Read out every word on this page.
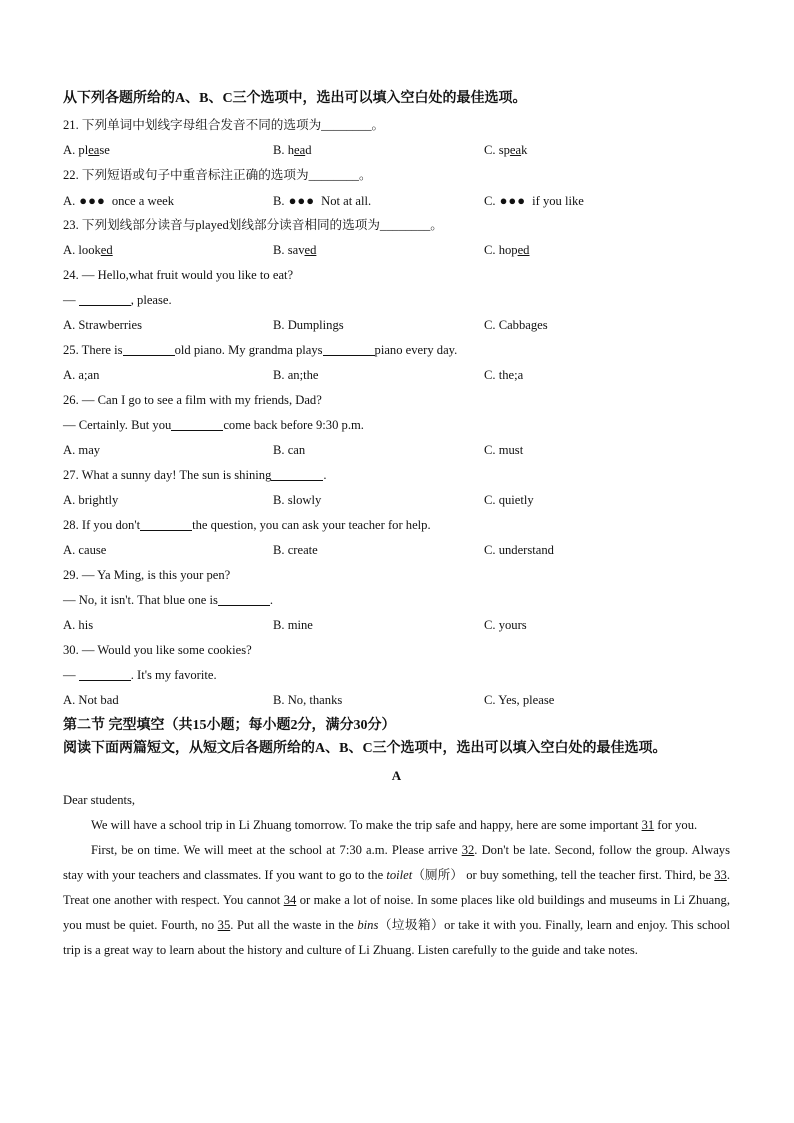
从下列各题所给的A、B、C三个选项中，选出可以填入空白处的最佳选项。
21. 下列单词中划线字母组合发音不同的选项为________。
A. please	B. head	C. speak
22. 下列短语或句子中重音标注正确的选项为________。
A. ●●● once a week	B. ●●● Not at all.	C. ●●● if you like
23. 下列划线部分读音与played划线部分读音相同的选项为________。
A. looked	B. saved	C. hoped
24. — Hello,what fruit would you like to eat?
—	, please.
A. Strawberries	B. Dumplings	C. Cabbages
25. There is	old piano. My grandma plays	piano every day.
A. a;an	B. an;the	C. the;a
26. — Can I go to see a film with my friends, Dad?
— Certainly. But you	come back before 9:30 p.m.
A. may	B. can	C. must
27. What a sunny day! The sun is shining	.
A. brightly	B. slowly	C. quietly
28. If you don't	the question, you can ask your teacher for help.
A. cause	B. create	C. understand
29. — Ya Ming, is this your pen?
— No, it isn't. That blue one is	.
A. his	B. mine	C. yours
30. — Would you like some cookies?
—	. It's my favorite.
A. Not bad	B. No, thanks	C. Yes, please
第二节 完型填空（共15小题；每小题2分，满分30分）
阅读下面两篇短文，从短文后各题所给的A、B、C三个选项中，选出可以填入空白处的最佳选项。
A
Dear students,
We will have a school trip in Li Zhuang tomorrow. To make the trip safe and happy, here are some important 31 for you.
First, be on time. We will meet at the school at 7:30 a.m. Please arrive 32. Don't be late. Second, follow the group. Always stay with your teachers and classmates. If you want to go to the toilet（厕所） or buy something, tell the teacher first. Third, be 33. Treat one another with respect. You cannot 34 or make a lot of noise. In some places like old buildings and museums in Li Zhuang, you must be quiet. Fourth, no 35. Put all the waste in the bins（垃圾箱）or take it with you. Finally, learn and enjoy. This school trip is a great way to learn about the history and culture of Li Zhuang. Listen carefully to the guide and take notes.
